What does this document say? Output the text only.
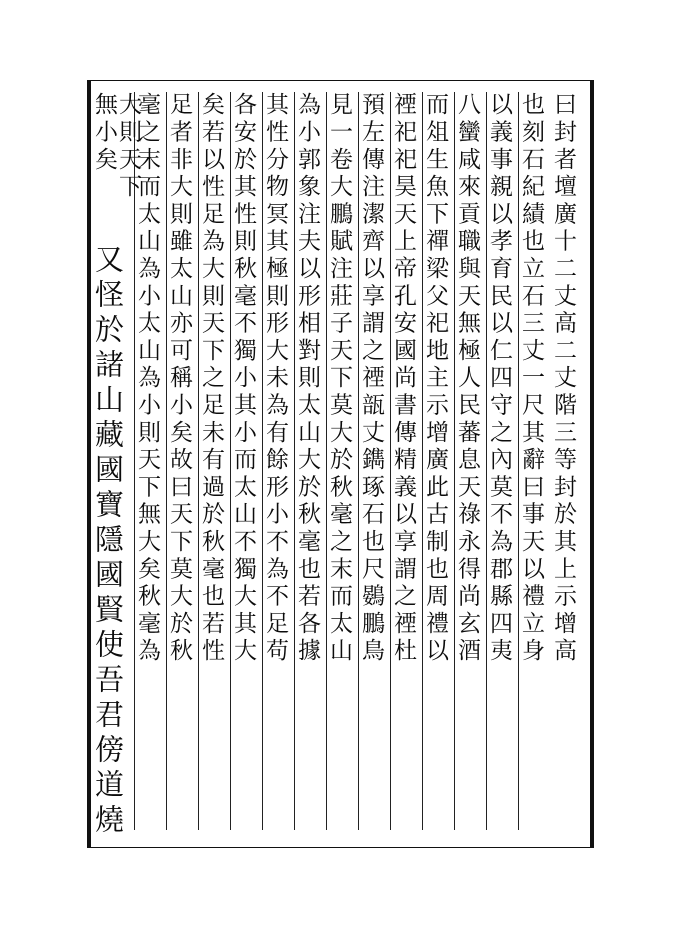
曰封者壇廣十二丈高二丈階三等封於其上示增高
也刻石紀績也立石三丈一尺其辭曰事天以禮立身
以義事親以孝育民以仁四守之內莫不為郡縣四夷
八蠻咸來貢職與天無極人民蕃息天祿永得尚玄酒
而俎生魚下禪梁父祀地主示增廣此古制也周禮以
禋祀祀昊天上帝孔安國尚書傳精義以享謂之禋杜
預左傳注潔齊以享謂之禋瓿丈鐫琢石也尺鷃鵬鳥
見一卷大鵬賦注莊子天下莫大於秋毫之末而太山
為小郭象注夫以形相對則太山大於秋毫也若各據
其性分物冥其極則形大未為有餘形小不為不足苟
各安於其性則秋毫不獨小其小而太山不獨大其大
矣若以性足為大則天下之足未有過於秋毫也若性
足者非大則雖太山亦可稱小矣故曰天下莫大於秋
毫之末而太山為小太山為小則天下無大矣秋毫為
大則天下
無小矣
又怪於諸山藏國寶隱國賢使吾君傍道燒
